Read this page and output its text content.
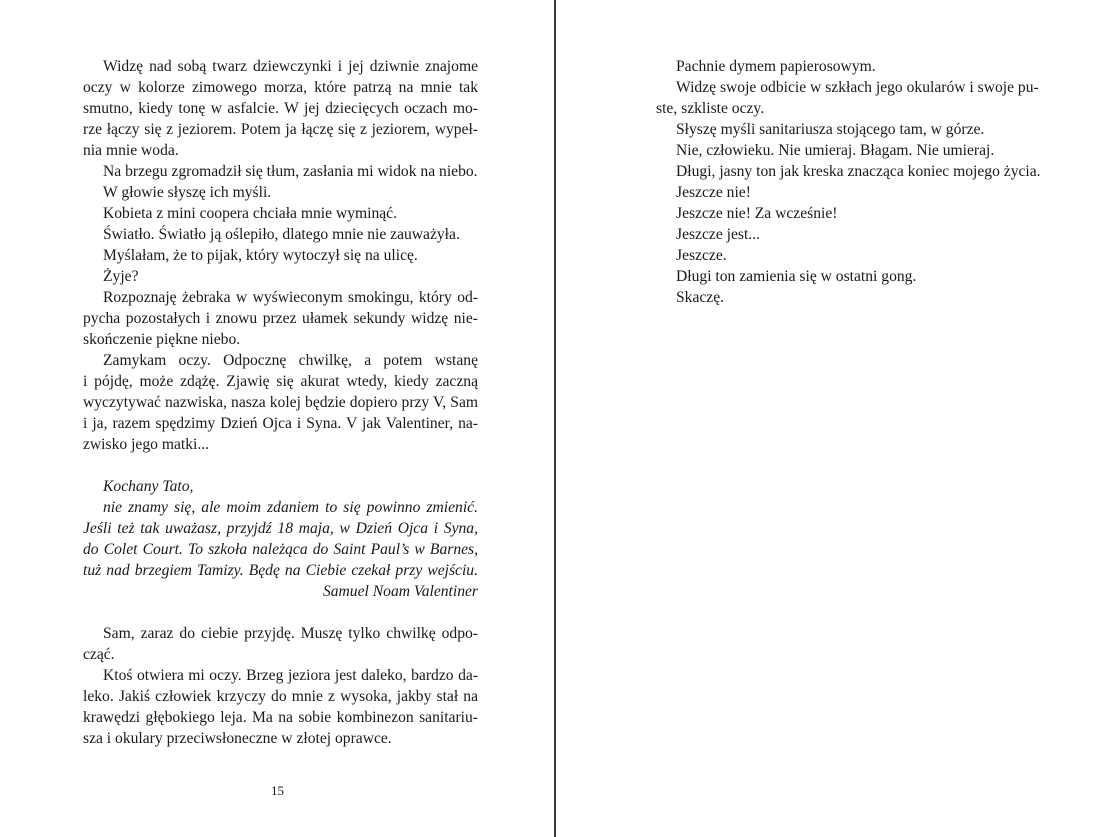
Widzę nad sobą twarz dziewczynki i jej dziwnie znajome
oczy w kolorze zimowego morza, które patrzą na mnie tak
smutno, kiedy tonę w asfalcie. W jej dziecięcych oczach mo-
rze łączy się z jeziorem. Potem ja łączę się z jeziorem, wypeł-
nia mnie woda.
Na brzegu zgromadził się tłum, zasłania mi widok na niebo.
W głowie słyszę ich myśli.
Kobieta z mini coopera chciała mnie wyminąć.
Światło. Światło ją oślepiło, dlatego mnie nie zauważyła.
Myślałam, że to pijak, który wytoczył się na ulicę.
Żyje?
Rozpoznaję żebraka w wyświeconym smokingu, który od-
pycha pozostałych i znowu przez ułamek sekundy widzę nie-
skończenie piękne niebo.
Zamykam oczy. Odpocznę chwilkę, a potem wstanę
i pójdę, może zdążę. Zjawię się akurat wtedy, kiedy zaczną
wyczytywać nazwiska, nasza kolej będzie dopiero przy V, Sam
i ja, razem spędzimy Dzień Ojca i Syna. V jak Valentiner, na-
zwisko jego matki...
Kochany Tato,
nie znamy się, ale moim zdaniem to się powinno zmienić.
Jeśli też tak uważasz, przyjdź 18 maja, w Dzień Ojca i Syna,
do Colet Court. To szkoła należąca do Saint Paul’s w Barnes,
tuż nad brzegiem Tamizy. Będę na Ciebie czekał przy wejściu.
Samuel Noam Valentiner
Sam, zaraz do ciebie przyjdę. Muszę tylko chwilkę odpo-
cząć.
Ktoś otwiera mi oczy. Brzeg jeziora jest daleko, bardzo da-
leko. Jakiś człowiek krzyczy do mnie z wysoka, jakby stał na
krawędzi głębokiego leja. Ma na sobie kombinezon sanitariu-
sza i okulary przeciwsłoneczne w złotej oprawce.
15
Pachnie dymem papierosowym.
Widzę swoje odbicie w szkłach jego okularów i swoje pu-
ste, szkliste oczy.
Słyszę myśli sanitariusza stojącego tam, w górze.
Nie, człowieku. Nie umieraj. Błagam. Nie umieraj.
Długi, jasny ton jak kreska znacząca koniec mojego życia.
Jeszcze nie!
Jeszcze nie! Za wcześnie!
Jeszcze jest...
Jeszcze.
Długi ton zamienia się w ostatni gong.
Skaczę.
